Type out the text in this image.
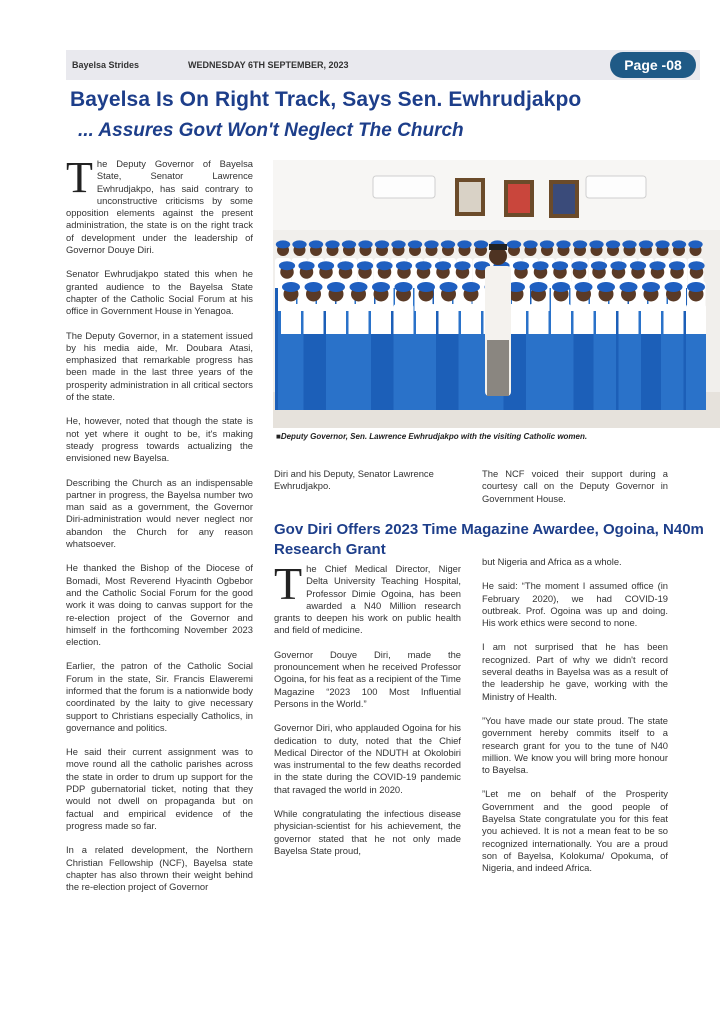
Bayelsa Strides	WEDNESDAY 6TH SEPTEMBER, 2023	Page -08
Bayelsa Is On Right Track, Says Sen. Ewhrudjakpo
... Assures Govt Won't Neglect The Church

The Deputy Governor of Bayelsa State, Senator Lawrence Ewhrudjakpo, has said contrary to unconstructive criticisms by some opposition elements against the present administration, the state is on the right track of development under the leadership of Governor Douye Diri.

Senator Ewhrudjakpo stated this when he granted audience to the Bayelsa State chapter of the Catholic Social Forum at his office in Government House in Yenagoa.

The Deputy Governor, in a statement issued by his media aide, Mr. Doubara Atasi, emphasized that remarkable progress has been made in the last three years of the prosperity administration in all critical sectors of the state.

He, however, noted that though the state is not yet where it ought to be, it's making steady progress towards actualizing the envisioned new Bayelsa.

Describing the Church as an indispensable partner in progress, the Bayelsa number two man said as a government, the Governor Diri-administration would never neglect nor abandon the Church for any reason whatsoever.

He thanked the Bishop of the Diocese of Bomadi, Most Reverend Hyacinth Ogbebor and the Catholic Social Forum for the good work it was doing to canvas support for the re-election project of the Governor and himself in the forthcoming November 2023 election.

Earlier, the patron of the Catholic Social Forum in the state, Sir. Francis Elaweremi informed that the forum is a nationwide body coordinated by the laity to give necessary support to Christians especially Catholics, in governance and politics.

He said their current assignment was to move round all the catholic parishes across the state in order to drum up support for the PDP gubernatorial ticket, noting that they would not dwell on propaganda but on factual and empirical evidence of the progress made so far.

In a related development, the Northern Christian Fellowship (NCF), Bayelsa state chapter has also thrown their weight behind the re-election project of Governor

■Deputy Governor, Sen. Lawrence Ewhrudjakpo with the visiting Catholic women.
Diri and his Deputy, Senator Lawrence Ewhrudjakpo.
The NCF voiced their support during a courtesy call on the Deputy Governor in Government House.
Gov Diri Offers 2023 Time Magazine Awardee, Ogoina, N40m Research Grant

The Chief Medical Director, Niger Delta University Teaching Hospital, Professor Dimie Ogoina, has been awarded a N40 Million research grants to deepen his work on public health and field of medicine.

Governor Douye Diri, made the pronouncement when he received Professor Ogoina, for his feat as a recipient of the Time Magazine “2023 100 Most Influential Persons in the World.”

Governor Diri, who applauded Ogoina for his dedication to duty, noted that the Chief Medical Director of the NDUTH at Okolobiri was instrumental to the few deaths recorded in the state during the COVID-19 pandemic that ravaged the world in 2020.

While congratulating the infectious disease physician-scientist for his achievement, the governor stated that he not only made Bayelsa State proud,

but Nigeria and Africa as a whole.

He said: “The moment I assumed office (in February 2020), we had COVID-19 outbreak. Prof. Ogoina was up and doing. His work ethics were second to none.

I am not surprised that he has been recognized. Part of why we didn't record several deaths in Bayelsa was as a result of the leadership he gave, working with the Ministry of Health.

”You have made our state proud. The state government hereby commits itself to a research grant for you to the tune of N40 million. We know you will bring more honour to Bayelsa.

”Let me on behalf of the Prosperity Government and the good people of Bayelsa State congratulate you for this feat you achieved. It is not a mean feat to be so recognized internationally. You are a proud son of Bayelsa, Kolokuma/ Opokuma, of Nigeria, and indeed Africa.
